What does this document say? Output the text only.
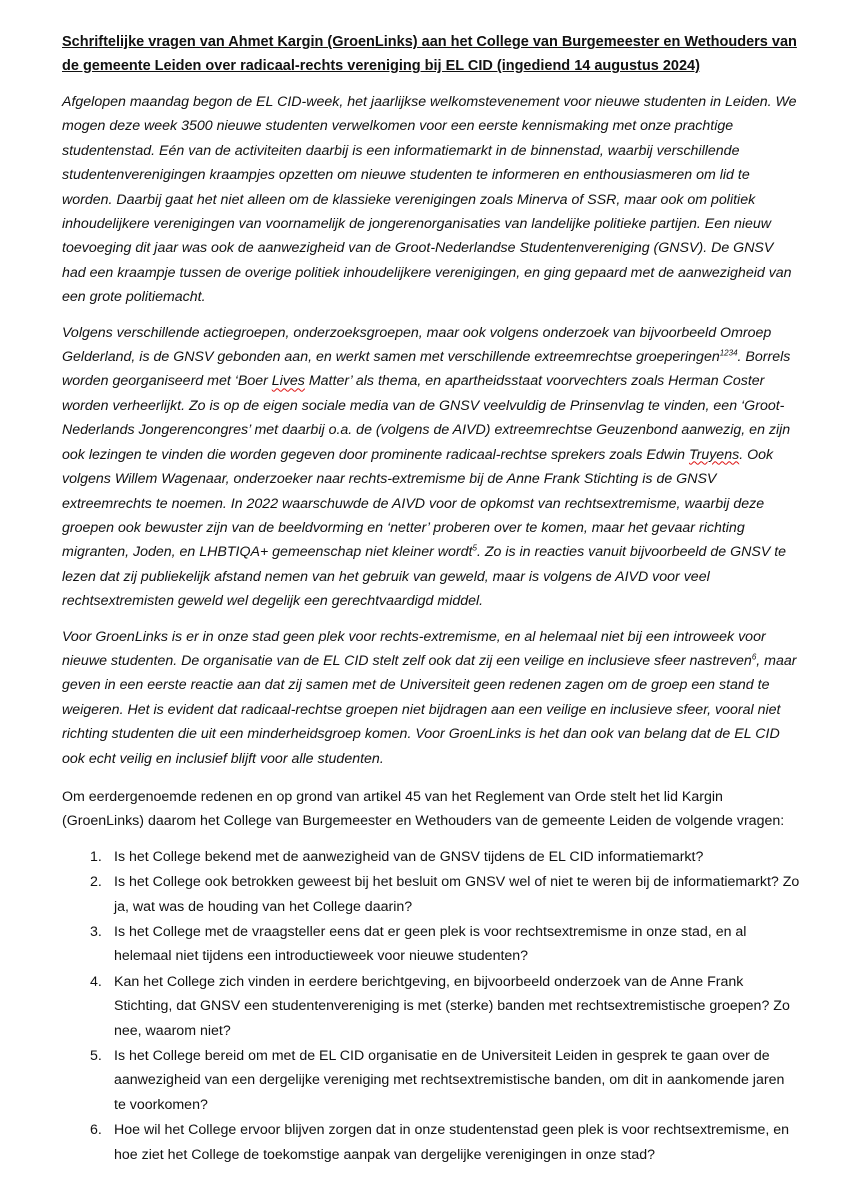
Schriftelijke vragen van Ahmet Kargin (GroenLinks) aan het College van Burgemeester en Wethouders van de gemeente Leiden over radicaal-rechts vereniging bij EL CID (ingediend 14 augustus 2024)

Afgelopen maandag begon de EL CID-week, het jaarlijkse welkomstevenement voor nieuwe studenten in Leiden. We mogen deze week 3500 nieuwe studenten verwelkomen voor een eerste kennismaking met onze prachtige studentenstad. Eén van de activiteiten daarbij is een informatiemarkt in de binnenstad, waarbij verschillende studentenverenigingen kraampjes opzetten om nieuwe studenten te informeren en enthousiasmeren om lid te worden. Daarbij gaat het niet alleen om de klassieke verenigingen zoals Minerva of SSR, maar ook om politiek inhoudelijkere verenigingen van voornamelijk de jongerenorganisaties van landelijke politieke partijen. Een nieuw toevoeging dit jaar was ook de aanwezigheid van de Groot-Nederlandse Studentenvereniging (GNSV). De GNSV had een kraampje tussen de overige politiek inhoudelijkere verenigingen, en ging gepaard met de aanwezigheid van een grote politiemacht.

Volgens verschillende actiegroepen, onderzoeksgroepen, maar ook volgens onderzoek van bijvoorbeeld Omroep Gelderland, is de GNSV gebonden aan, en werkt samen met verschillende extreemrechtse groeperingen$^{1234}$. Borrels worden georganiseerd met ‘Boer Lives Matter’ als thema, en apartheidsstaat voorvechters zoals Herman Coster worden verheerlijkt. Zo is op de eigen sociale media van de GNSV veelvuldig de Prinsenvlag te vinden, een ‘Groot-Nederlands Jongerencongres’ met daarbij o.a. de (volgens de AIVD) extreemrechtse Geuzenbond aanwezig, en zijn ook lezingen te vinden die worden gegeven door prominente radicaal-rechtse sprekers zoals Edwin Truyens. Ook volgens Willem Wagenaar, onderzoeker naar rechts-extremisme bij de Anne Frank Stichting is de GNSV extreemrechts te noemen. In 2022 waarschuwde de AIVD voor de opkomst van rechtsextremisme, waarbij deze groepen ook bewuster zijn van de beeldvorming en ‘netter’ proberen over te komen, maar het gevaar richting migranten, Joden, en LHBTIQA+ gemeenschap niet kleiner wordt$^5$. Zo is in reacties vanuit bijvoorbeeld de GNSV te lezen dat zij publiekelijk afstand nemen van het gebruik van geweld, maar is volgens de AIVD voor veel rechtsextremisten geweld wel degelijk een gerechtvaardigd middel.

Voor GroenLinks is er in onze stad geen plek voor rechts-extremisme, en al helemaal niet bij een introweek voor nieuwe studenten. De organisatie van de EL CID stelt zelf ook dat zij een veilige en inclusieve sfeer nastreven$^6$, maar geven in een eerste reactie aan dat zij samen met de Universiteit geen redenen zagen om de groep een stand te weigeren. Het is evident dat radicaal-rechtse groepen niet bijdragen aan een veilige en inclusieve sfeer, vooral niet richting studenten die uit een minderheidsgroep komen. Voor GroenLinks is het dan ook van belang dat de EL CID ook echt veilig en inclusief blijft voor alle studenten.

Om eerdergenoemde redenen en op grond van artikel 45 van het Reglement van Orde stelt het lid Kargin (GroenLinks) daarom het College van Burgemeester en Wethouders van de gemeente Leiden de volgende vragen:

1. Is het College bekend met de aanwezigheid van de GNSV tijdens de EL CID informatiemarkt?
2. Is het College ook betrokken geweest bij het besluit om GNSV wel of niet te weren bij de informatiemarkt? Zo ja, wat was de houding van het College daarin?
3. Is het College met de vraagsteller eens dat er geen plek is voor rechtsextremisme in onze stad, en al helemaal niet tijdens een introductieweek voor nieuwe studenten?
4. Kan het College zich vinden in eerdere berichtgeving, en bijvoorbeeld onderzoek van de Anne Frank Stichting, dat GNSV een studentenvereniging is met (sterke) banden met rechtsextremistische groepen? Zo nee, waarom niet?
5. Is het College bereid om met de EL CID organisatie en de Universiteit Leiden in gesprek te gaan over de aanwezigheid van een dergelijke vereniging met rechtsextremistische banden, om dit in aankomende jaren te voorkomen?
6. Hoe wil het College ervoor blijven zorgen dat in onze studentenstad geen plek is voor rechtsextremisme, en hoe ziet het College de toekomstige aanpak van dergelijke verenigingen in onze stad?
